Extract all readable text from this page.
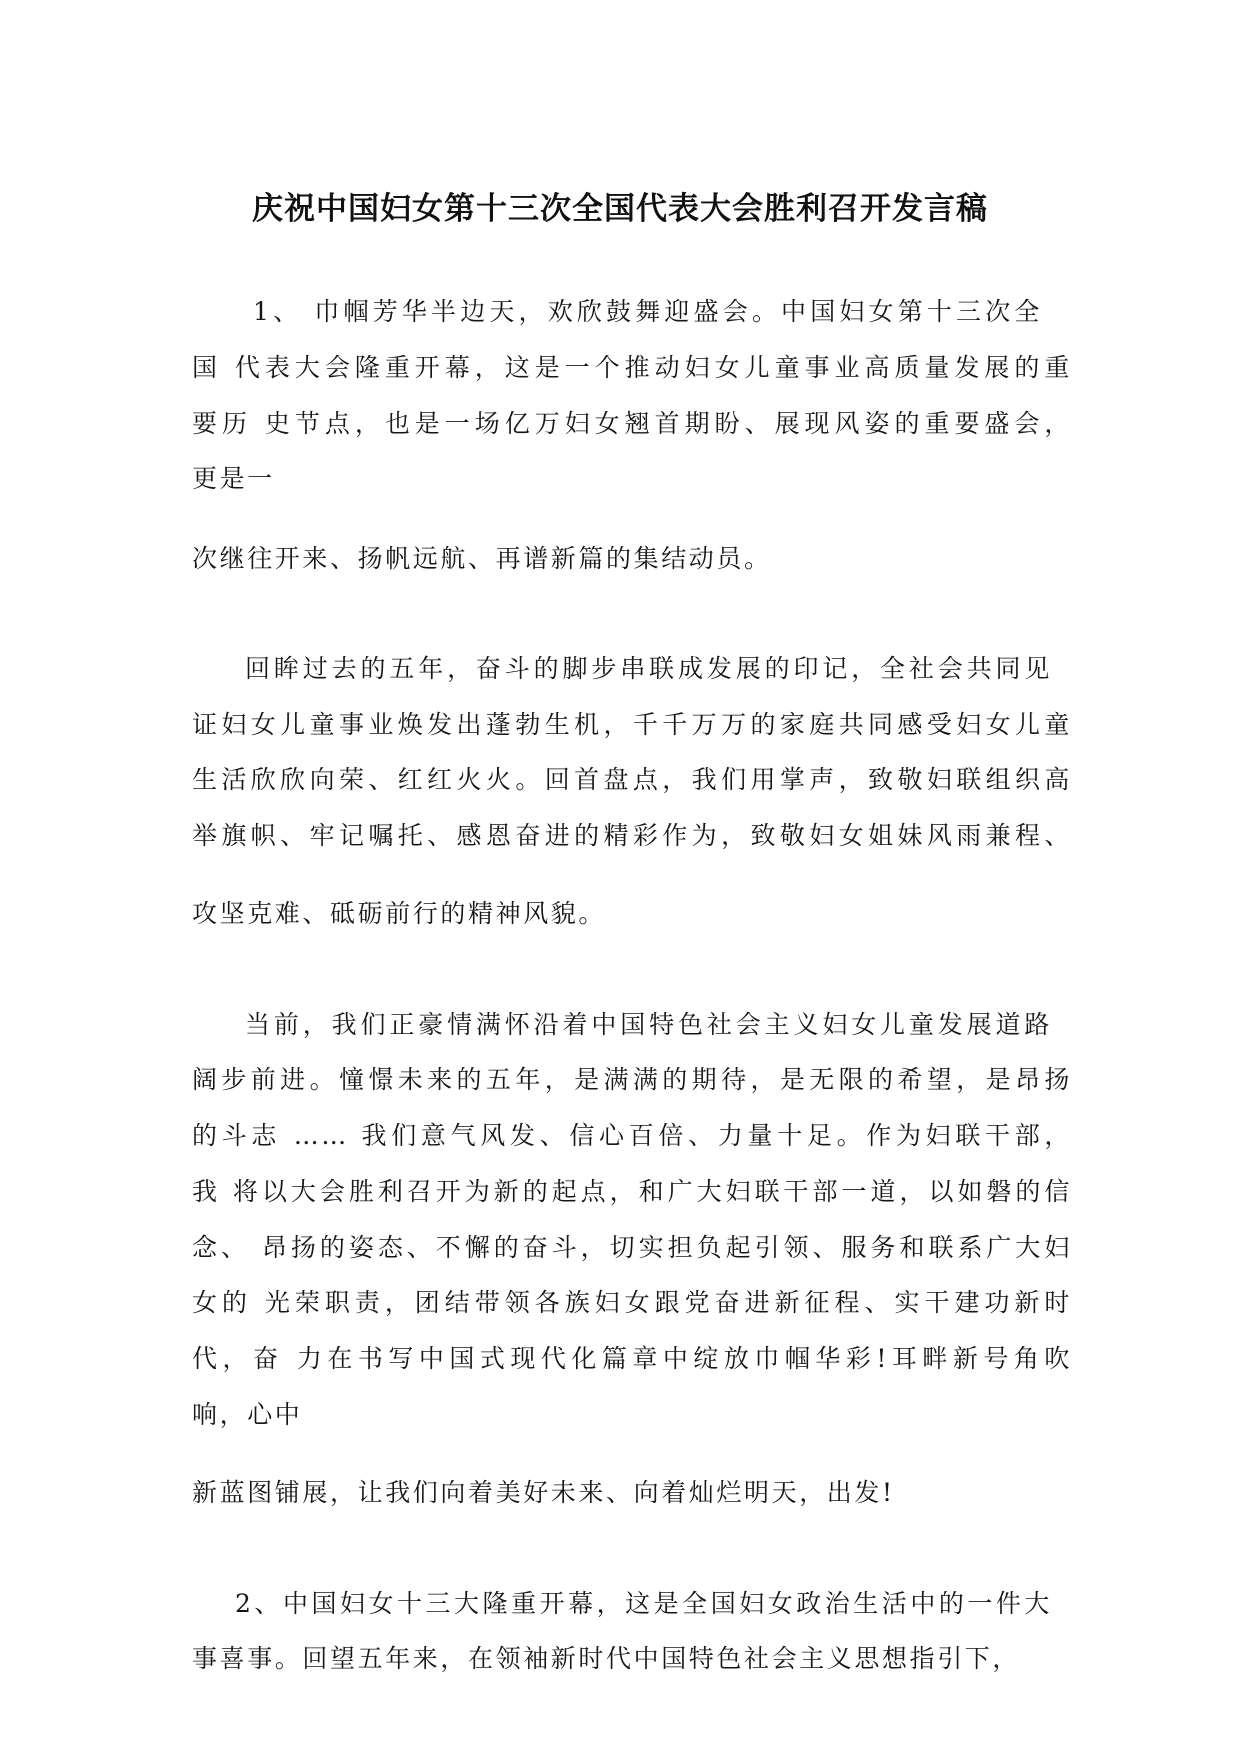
庆祝中国妇女第十三次全国代表大会胜利召开发言稿
1、 巾帼芳华半边天，欢欣鼓舞迎盛会。中国妇女第十三次全
国 代表大会隆重开幕，这是一个推动妇女儿童事业高质量发展的重
要历 史节点，也是一场亿万妇女翘首期盼、展现风姿的重要盛会，
更是一
次继往开来、扬帆远航、再谱新篇的集结动员。
回眸过去的五年，奋斗的脚步串联成发展的印记，全社会共同见
证妇女儿童事业焕发出蓬勃生机，千千万万的家庭共同感受妇女儿童
生活欣欣向荣、红红火火。回首盘点，我们用掌声，致敬妇联组织高
举旗帜、牢记嘱托、感恩奋进的精彩作为，致敬妇女姐妹风雨兼程、
攻坚克难、砥砺前行的精神风貌。
当前，我们正豪情满怀沿着中国特色社会主义妇女儿童发展道路
阔步前进。憧憬未来的五年，是满满的期待，是无限的希望，是昂扬
的斗志 …… 我们意气风发、信心百倍、力量十足。作为妇联干部，
我 将以大会胜利召开为新的起点，和广大妇联干部一道，以如磐的信
念、 昂扬的姿态、不懈的奋斗，切实担负起引领、服务和联系广大妇
女的 光荣职责，团结带领各族妇女跟党奋进新征程、实干建功新时
代，奋 力在书写中国式现代化篇章中绽放巾帼华彩!耳畔新号角吹
响，心中
新蓝图铺展，让我们向着美好未来、向着灿烂明天，出发!
2、中国妇女十三大隆重开幕，这是全国妇女政治生活中的一件大
事喜事。回望五年来，在领袖新时代中国特色社会主义思想指引下，
